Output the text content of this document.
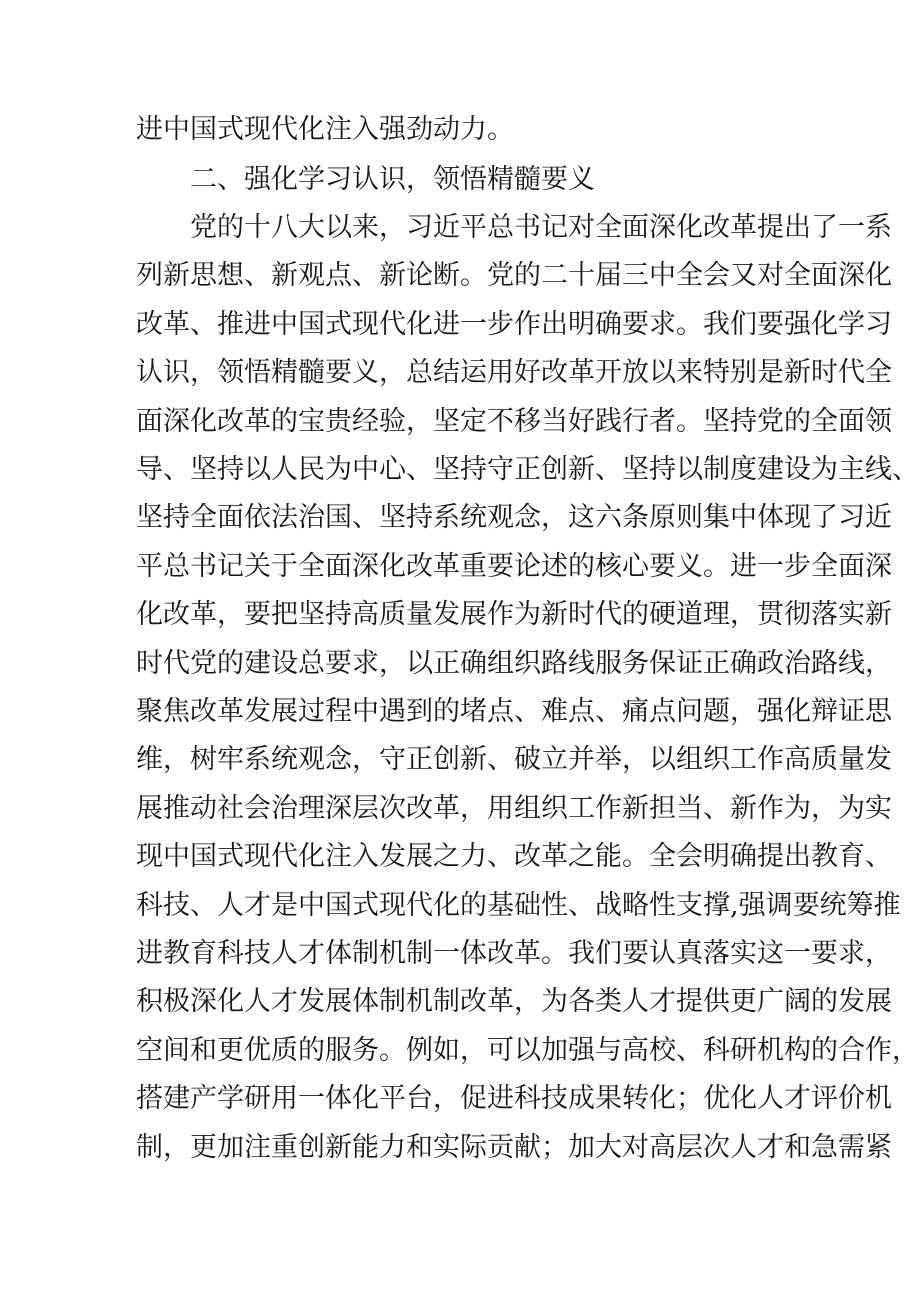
进中国式现代化注入强劲动力。
二、强化学习认识，领悟精髓要义
党的十八大以来，习近平总书记对全面深化改革提出了一系
列新思想、新观点、新论断。党的二十届三中全会又对全面深化
改革、推进中国式现代化进一步作出明确要求。我们要强化学习
认识，领悟精髓要义，总结运用好改革开放以来特别是新时代全
面深化改革的宝贵经验，坚定不移当好践行者。坚持党的全面领
导、坚持以人民为中心、坚持守正创新、坚持以制度建设为主线、
坚持全面依法治国、坚持系统观念，这六条原则集中体现了习近
平总书记关于全面深化改革重要论述的核心要义。进一步全面深
化改革，要把坚持高质量发展作为新时代的硬道理，贯彻落实新
时代党的建设总要求，以正确组织路线服务保证正确政治路线，
聚焦改革发展过程中遇到的堵点、难点、痛点问题，强化辩证思
维，树牢系统观念，守正创新、破立并举，以组织工作高质量发
展推动社会治理深层次改革，用组织工作新担当、新作为，为实
现中国式现代化注入发展之力、改革之能。全会明确提出教育、
科技、人才是中国式现代化的基础性、战略性支撑,强调要统筹推
进教育科技人才体制机制一体改革。我们要认真落实这一要求，
积极深化人才发展体制机制改革，为各类人才提供更广阔的发展
空间和更优质的服务。例如，可以加强与高校、科研机构的合作，
搭建产学研用一体化平台，促进科技成果转化；优化人才评价机
制，更加注重创新能力和实际贡献；加大对高层次人才和急需紧
